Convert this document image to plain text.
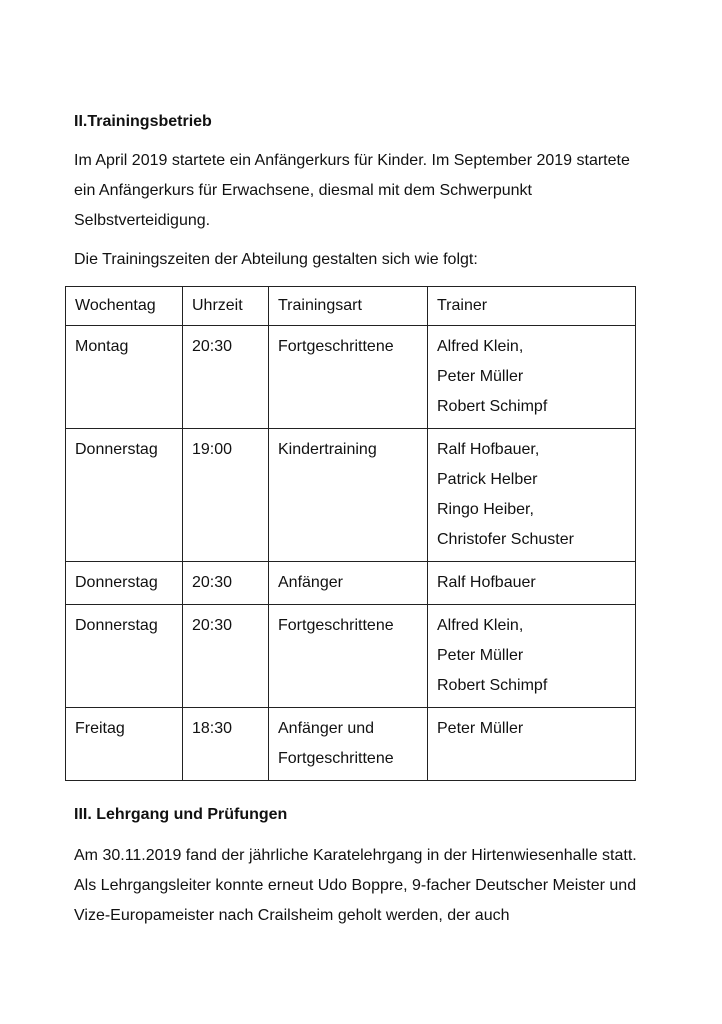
II.Trainingsbetrieb

Im April 2019 startete ein Anfängerkurs für Kinder. Im September 2019 startete ein Anfängerkurs für Erwachsene, diesmal mit dem Schwerpunkt Selbstverteidigung.

Die Trainingszeiten der Abteilung gestalten sich wie folgt:

Wochentag	Uhrzeit	Trainingsart	Trainer
Montag	20:30	Fortgeschrittene	Alfred Klein,
Peter Müller
Robert Schimpf

Donnerstag	19:00	Kindertraining	Ralf Hofbauer,
Patrick Helber
Ringo Heiber,
Christofer Schuster

Donnerstag	20:30	Anfänger	Ralf Hofbauer

Donnerstag	20:30	Fortgeschrittene	Alfred Klein,
Peter Müller
Robert Schimpf

Freitag	18:30	Anfänger und Fortgeschrittene	Peter Müller
III. Lehrgang und Prüfungen

Am 30.11.2019 fand der jährliche Karatelehrgang in der Hirtenwiesenhalle statt. Als Lehrgangsleiter konnte erneut Udo Boppre, 9-facher Deutscher Meister und Vize-Europameister nach Crailsheim geholt werden, der auch
